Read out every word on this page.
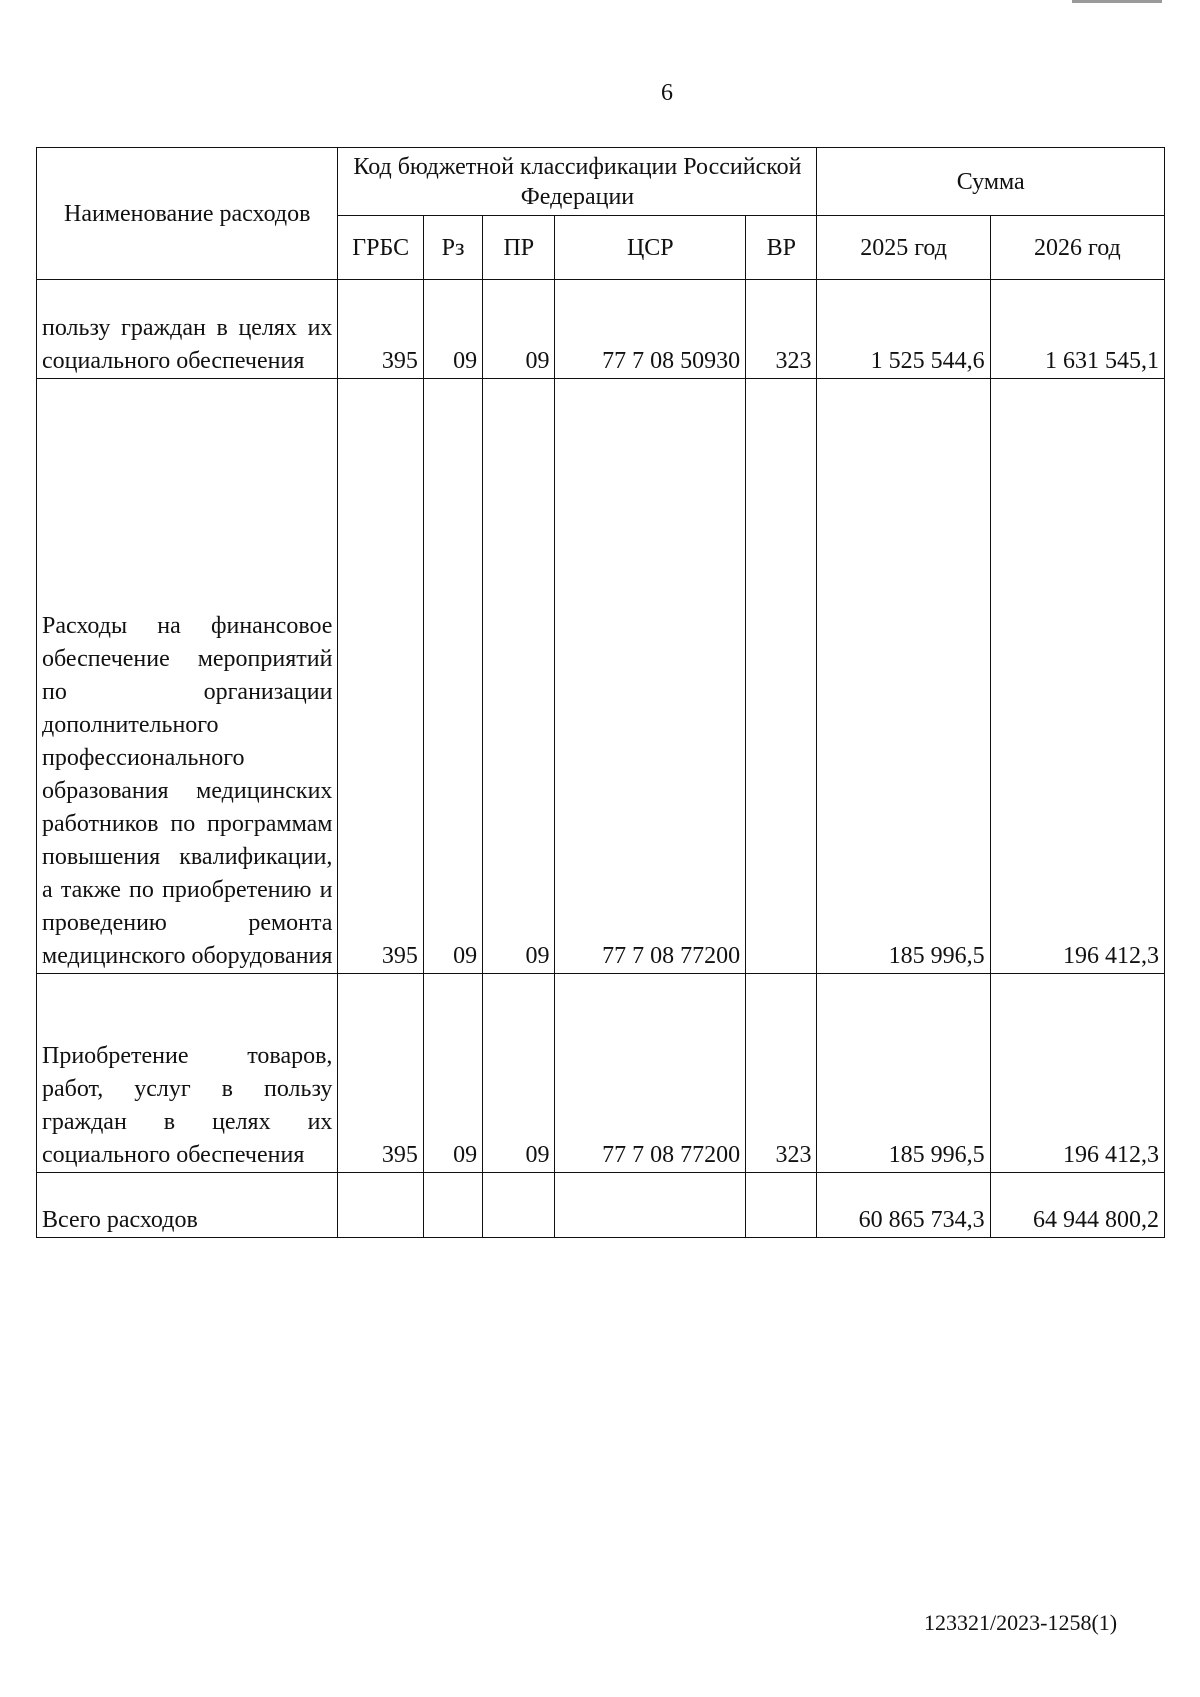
6
Наименование расходов	Код бюджетной классификации Российской Федерации					Сумма	
	ГРБС	Рз	ПР	ЦСР	ВР	2025 год	2026 год
пользу граждан в целях их социального обеспечения	395	09	09	77 7 08 50930	323	1 525 544,6	1 631 545,1
Расходы на финансовое обеспечение мероприятий по организации дополнительного профессионального образования медицинских работников по программам повышения квалификации, а также по приобретению и проведению ремонта медицинского оборудования	395	09	09	77 7 08 77200		185 996,5	196 412,3
Приобретение товаров, работ, услуг в пользу граждан в целях их социального обеспечения	395	09	09	77 7 08 77200	323	185 996,5	196 412,3
Всего расходов						60 865 734,3	64 944 800,2
123321/2023-1258(1)
